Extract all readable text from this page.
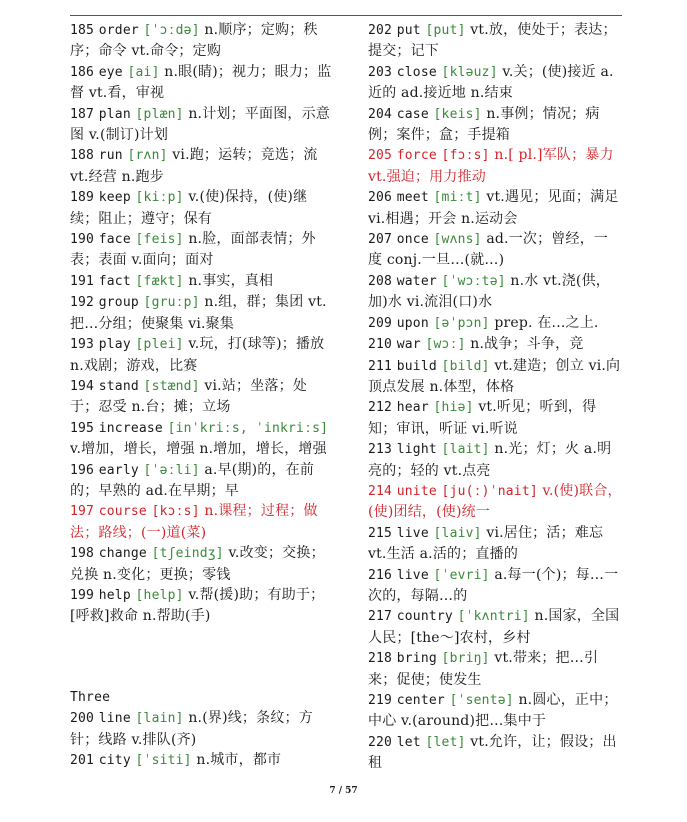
185 order [ˈɔːdə] n.顺序；定购；秩序；命令 vt.命令；定购

186 eye [ai] n.眼(睛)；视力；眼力；监督 vt.看，审视

187 plan [plæn] n.计划；平面图，示意图 v.(制订)计划

188 run [rʌn] vi.跑；运转；竞选；流 vt.经营 n.跑步

189 keep [kiːp] v.(使)保持，(使)继续；阻止；遵守；保有

190 face [feis] n.脸，面部表情；外表；表面 v.面向；面对

191 fact [fækt] n.事实，真相

192 group [gruːp] n.组，群；集团 vt.把…分组；使聚集 vi.聚集

193 play [plei] v.玩，打(球等)；播放 n.戏剧；游戏，比赛

194 stand [stænd] vi.站；坐落；处于；忍受 n.台；摊；立场

195 increase [inˈkriːs, ˈinkriːs] v.增加，增长，增强 n.增加，增长，增强

196 early [ˈəːli] a.早(期)的，在前的；早熟的 ad.在早期；早

197 course [kɔːs] n.课程；过程；做法；路线；(一)道(菜)

198 change [tʃeindʒ] v.改变；交换；兑换 n.变化；更换；零钱

199 help [help] v.帮(援)助；有助于；[呼救]救命 n.帮助(手)

Three

200 line [lain] n.(界)线；条纹；方针；线路 v.排队(齐)

201 city [ˈsiti] n.城市，都市

202 put [put] vt.放，使处于；表达；提交；记下

203 close [kləuz] v.关；(使)接近 a.近的 ad.接近地 n.结束

204 case [keis] n.事例；情况；病例；案件；盒；手提箱

205 force [fɔːs] n.[ pl.]军队；暴力 vt.强迫；用力推动

206 meet [miːt] vt.遇见；见面；满足 vi.相遇；开会 n.运动会

207 once [wʌns] ad.一次；曾经，一度 conj.一旦…(就…)

208 water [ˈwɔːtə] n.水 vt.浇(供，加)水 vi.流泪(口)水

209 upon [əˈpɔn] prep. 在...之上.

210 war [wɔː] n.战争；斗争，竞

211 build [bild] vt.建造；创立 vi.向顶点发展 n.体型，体格

212 hear [hiə] vt.听见；听到，得知；审讯，听证 vi.听说

213 light [lait] n.光；灯；火 a.明亮的；轻的 vt.点亮

214 unite [ju(ː)ˈnait] v.(使)联合，(使)团结，(使)统一

215 live [laiv] vi.居住；活；难忘 vt.生活 a.活的；直播的

216 live [ˈevri] a.每一(个)；每…一次的，每隔…的

217 country [ˈkʌntri] n.国家，全国人民；[the～]农村，乡村

218 bring [briŋ] vt.带来；把…引来；促使；使发生

219 center [ˈsentə] n.圆心，正中；中心 v.(around)把…集中于

220 let [let] vt.允许，让；假设；出租

7 / 57
